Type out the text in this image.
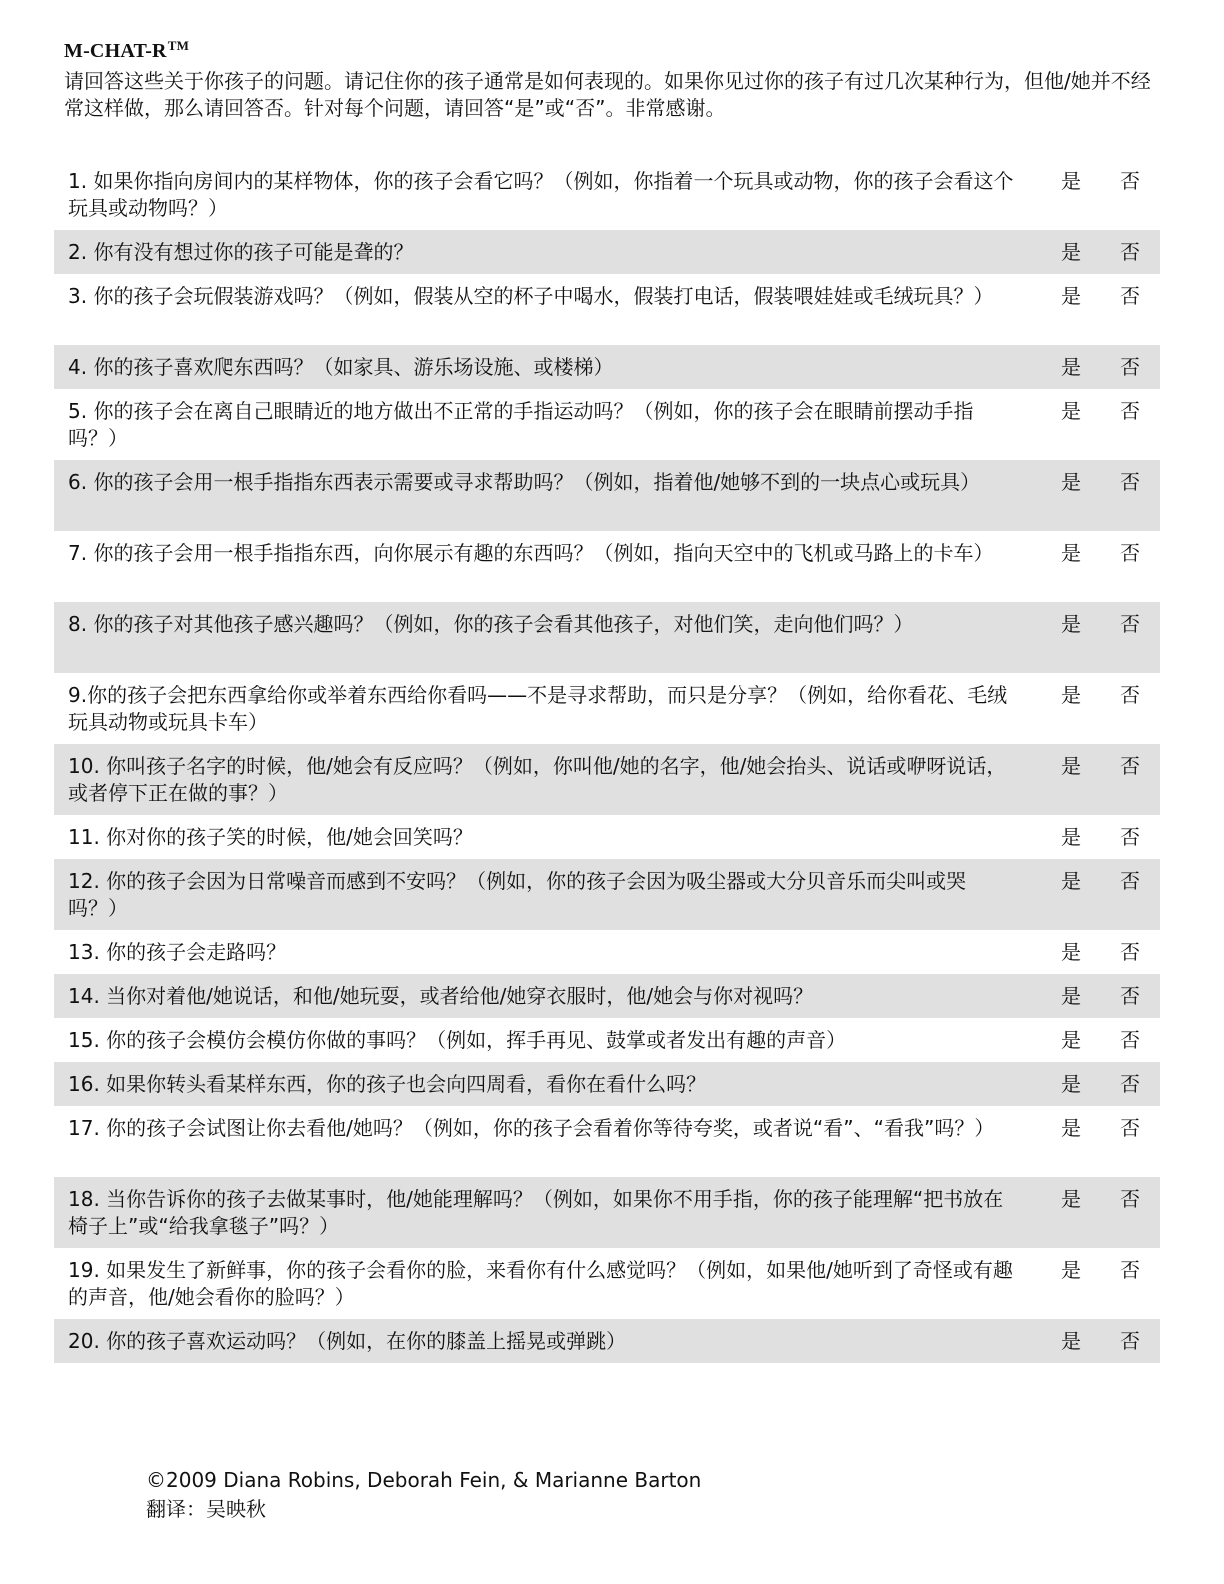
M-CHAT-R™
请回答这些关于你孩子的问题。请记住你的孩子通常是如何表现的。如果你见过你的孩子有过几次某种行为，但他/她并不经常这样做，那么请回答否。针对每个问题，请回答“是”或“否”。非常感谢。
1. 如果你指向房间内的某样物体，你的孩子会看它吗？（例如，你指着一个玩具或动物，你的孩子会看这个玩具或动物吗？）
是 否
2. 你有没有想过你的孩子可能是聋的？	是 否
3. 你的孩子会玩假装游戏吗？（例如，假装从空的杯子中喝水，假装打电话，假装喂娃娃或毛绒玩具？）	是 否
4. 你的孩子喜欢爬东西吗？（如家具、游乐场设施、或楼梯）	是 否
5. 你的孩子会在离自己眼睛近的地方做出不正常的手指运动吗？（例如，你的孩子会在眼睛前摆动手指吗？）
是 否
6. 你的孩子会用一根手指指东西表示需要或寻求帮助吗？（例如，指着他/她够不到的一块点心或玩具）	是 否
7. 你的孩子会用一根手指指东西，向你展示有趣的东西吗？（例如，指向天空中的飞机或马路上的卡车）	是 否
8. 你的孩子对其他孩子感兴趣吗？（例如，你的孩子会看其他孩子，对他们笑，走向他们吗？）	是 否
9.你的孩子会把东西拿给你或举着东西给你看吗——不是寻求帮助，而只是分享？（例如，给你看花、毛绒玩具动物或玩具卡车）
是 否
10. 你叫孩子名字的时候，他/她会有反应吗？（例如，你叫他/她的名字，他/她会抬头、说话或咿呀说话，或者停下正在做的事？）
是 否
11. 你对你的孩子笑的时候，他/她会回笑吗？	是 否
12. 你的孩子会因为日常噪音而感到不安吗？（例如，你的孩子会因为吸尘器或大分贝音乐而尖叫或哭吗？）
是 否
13. 你的孩子会走路吗？	是 否
14. 当你对着他/她说话，和他/她玩耍，或者给他/她穿衣服时，他/她会与你对视吗？	是 否
15. 你的孩子会模仿会模仿你做的事吗？（例如，挥手再见、鼓掌或者发出有趣的声音）	是 否
16. 如果你转头看某样东西，你的孩子也会向四周看，看你在看什么吗？	是 否
17. 你的孩子会试图让你去看他/她吗？（例如，你的孩子会看着你等待夸奖，或者说“看”、“看我”吗？）	是 否
18. 当你告诉你的孩子去做某事时，他/她能理解吗？（例如，如果你不用手指，你的孩子能理解“把书放在椅子上”或“给我拿毯子”吗？）
是 否
19. 如果发生了新鲜事，你的孩子会看你的脸，来看你有什么感觉吗？（例如，如果他/她听到了奇怪或有趣的声音，他/她会看你的脸吗？）
是 否
20. 你的孩子喜欢运动吗？（例如，在你的膝盖上摇晃或弹跳）	是 否
©2009 Diana Robins, Deborah Fein, & Marianne Barton
翻译：吴映秋
